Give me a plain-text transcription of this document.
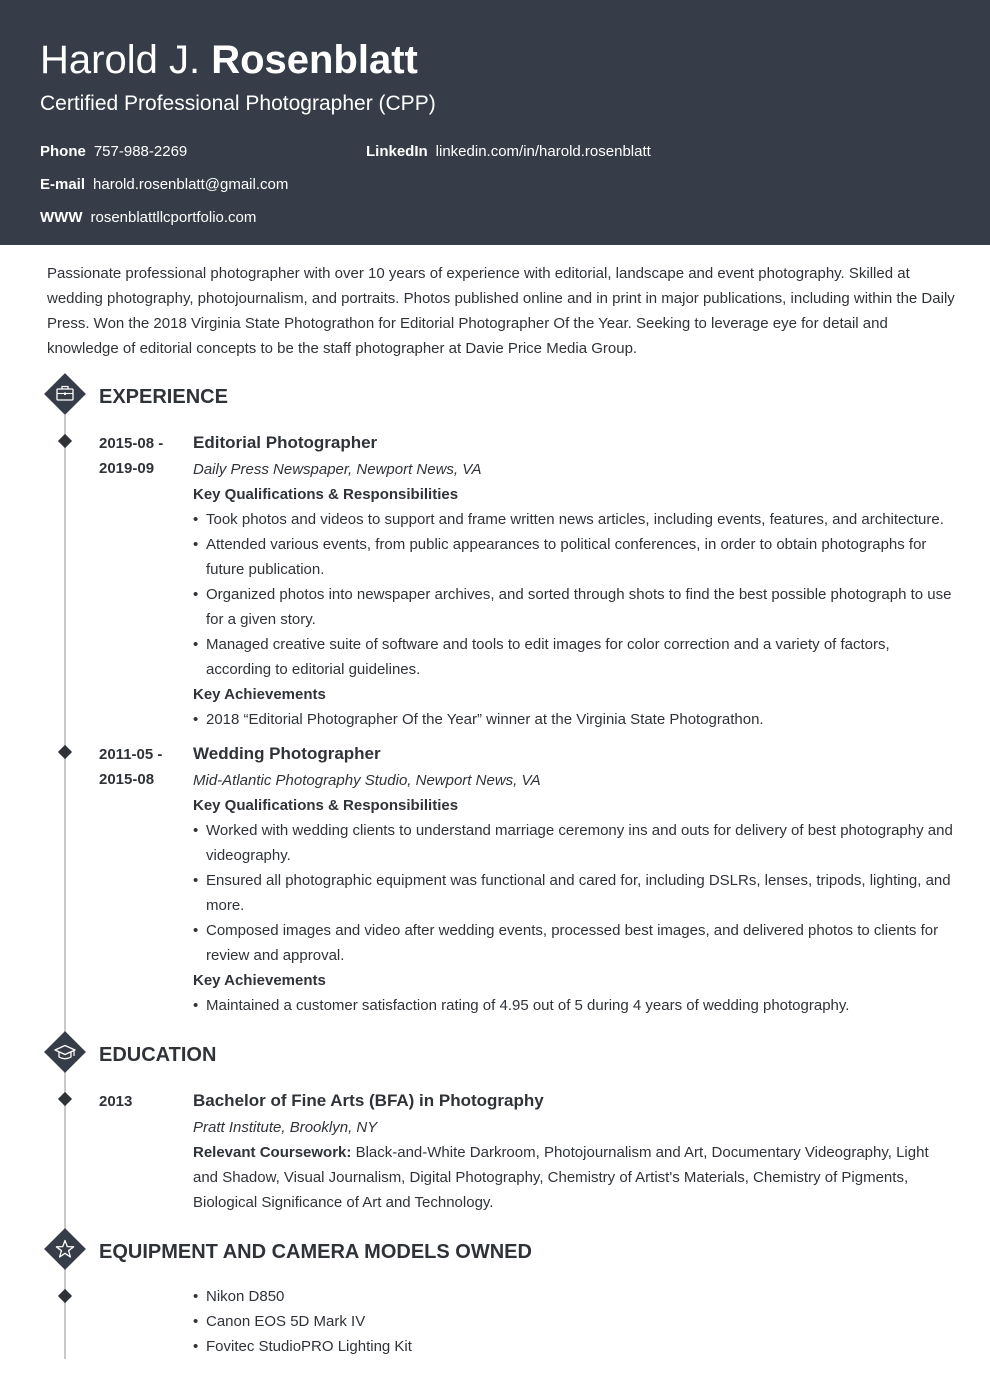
Harold J. Rosenblatt
Certified Professional Photographer (CPP)
Phone 757-988-2269	LinkedIn linkedin.com/in/harold.rosenblatt
E-mail harold.rosenblatt@gmail.com
WWW rosenblattllcportfolio.com
Passionate professional photographer with over 10 years of experience with editorial, landscape and event photography. Skilled at wedding photography, photojournalism, and portraits. Photos published online and in print in major publications, including within the Daily Press. Won the 2018 Virginia State Photograthon for Editorial Photographer Of the Year. Seeking to leverage eye for detail and knowledge of editorial concepts to be the staff photographer at Davie Price Media Group.
EXPERIENCE
2015-08 - 2019-09
Editorial Photographer
Daily Press Newspaper, Newport News, VA
Key Qualifications & Responsibilities
• Took photos and videos to support and frame written news articles, including events, features, and architecture.
• Attended various events, from public appearances to political conferences, in order to obtain photographs for future publication.
• Organized photos into newspaper archives, and sorted through shots to find the best possible photograph to use for a given story.
• Managed creative suite of software and tools to edit images for color correction and a variety of factors, according to editorial guidelines.
Key Achievements
• 2018 “Editorial Photographer Of the Year” winner at the Virginia State Photograthon.
2011-05 - 2015-08
Wedding Photographer
Mid-Atlantic Photography Studio, Newport News, VA
Key Qualifications & Responsibilities
• Worked with wedding clients to understand marriage ceremony ins and outs for delivery of best photography and videography.
• Ensured all photographic equipment was functional and cared for, including DSLRs, lenses, tripods, lighting, and more.
• Composed images and video after wedding events, processed best images, and delivered photos to clients for review and approval.
Key Achievements
• Maintained a customer satisfaction rating of 4.95 out of 5 during 4 years of wedding photography.
EDUCATION
2013	Bachelor of Fine Arts (BFA) in Photography
Pratt Institute, Brooklyn, NY
Relevant Coursework: Black-and-White Darkroom, Photojournalism and Art, Documentary Videography, Light and Shadow, Visual Journalism, Digital Photography, Chemistry of Artist's Materials, Chemistry of Pigments, Biological Significance of Art and Technology.
EQUIPMENT AND CAMERA MODELS OWNED
• Nikon D850
• Canon EOS 5D Mark IV
• Fovitec StudioPRO Lighting Kit
